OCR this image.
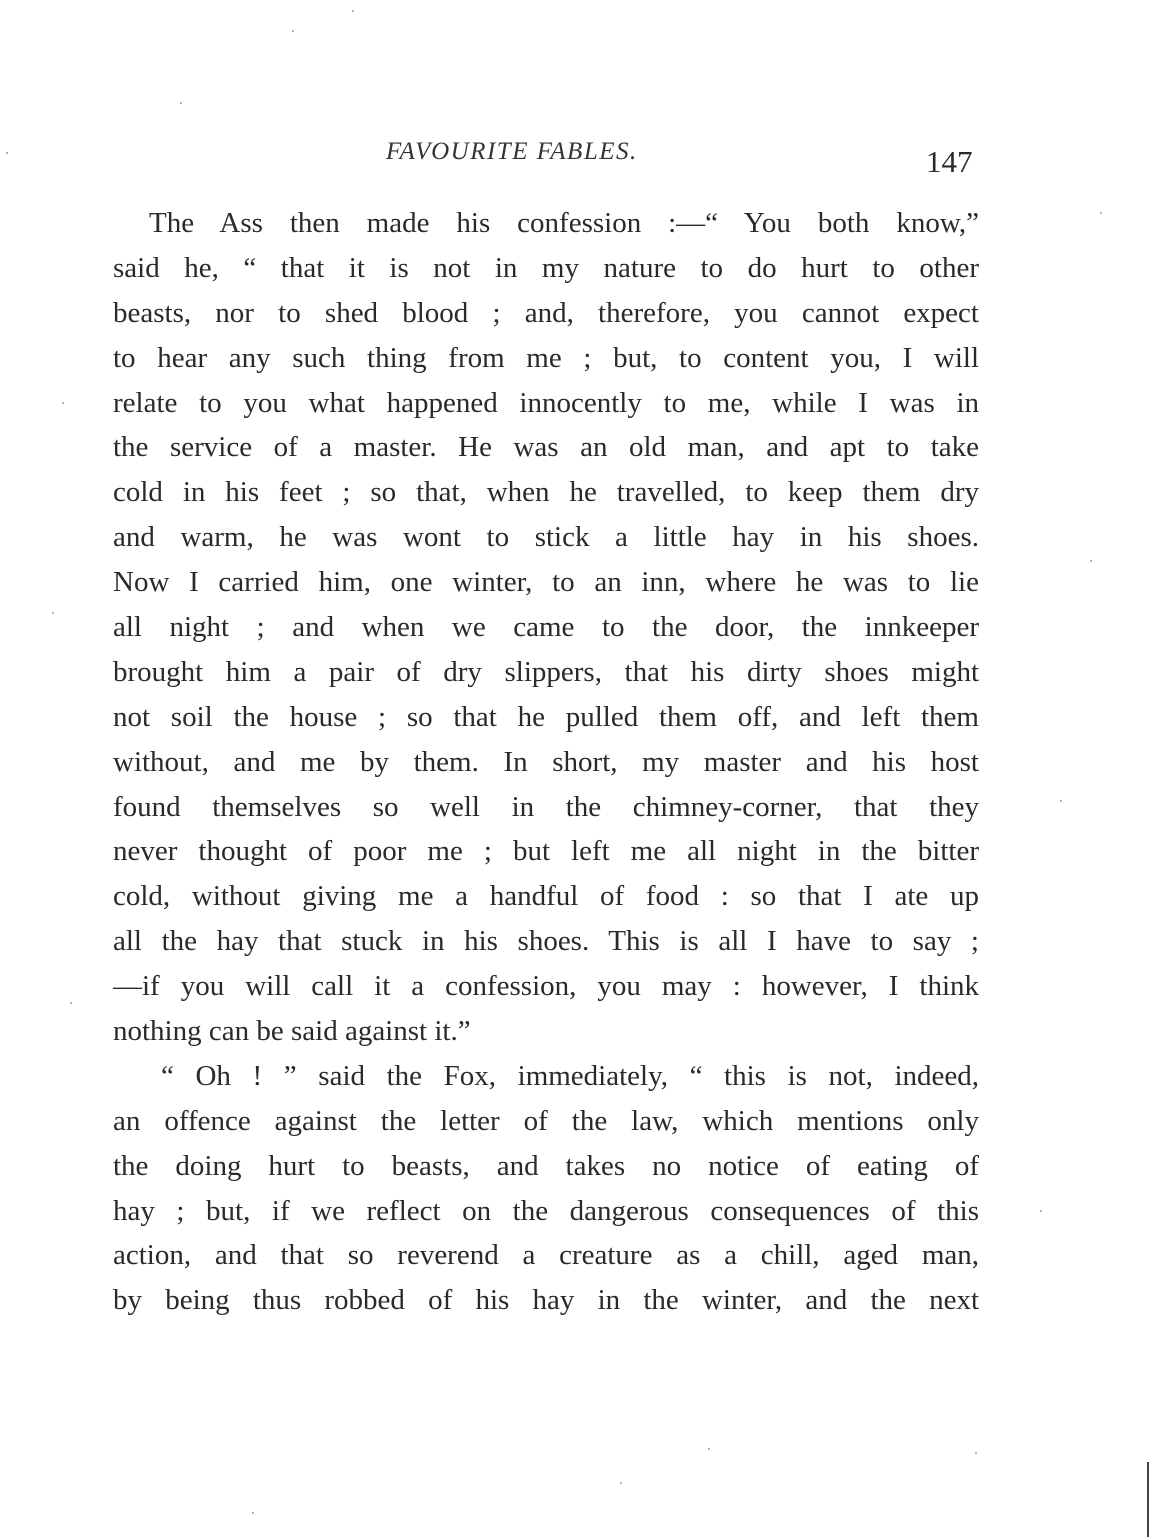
FAVOURITE FABLES.	147
The Ass then made his confession :—“ You both know,”
said he, “ that it is not in my nature to do hurt to other
beasts, nor to shed blood ; and, therefore, you cannot expect
to hear any such thing from me ; but, to content you, I will
relate to you what happened innocently to me, while I was in
the service of a master. He was an old man, and apt to take
cold in his feet ; so that, when he travelled, to keep them dry
and warm, he was wont to stick a little hay in his shoes.
Now I carried him, one winter, to an inn, where he was to lie
all night ; and when we came to the door, the innkeeper
brought him a pair of dry slippers, that his dirty shoes might
not soil the house ; so that he pulled them off, and left them
without, and me by them. In short, my master and his host
found themselves so well in the chimney-corner, that they
never thought of poor me ; but left me all night in the bitter
cold, without giving me a handful of food : so that I ate up
all the hay that stuck in his shoes. This is all I have to say ;
—if you will call it a confession, you may : however, I think
nothing can be said against it.”
“ Oh ! ” said the Fox, immediately, “ this is not, indeed,
an offence against the letter of the law, which mentions only
the doing hurt to beasts, and takes no notice of eating of
hay ; but, if we reflect on the dangerous consequences of this
action, and that so reverend a creature as a chill, aged man,
by being thus robbed of his hay in the winter, and the next
